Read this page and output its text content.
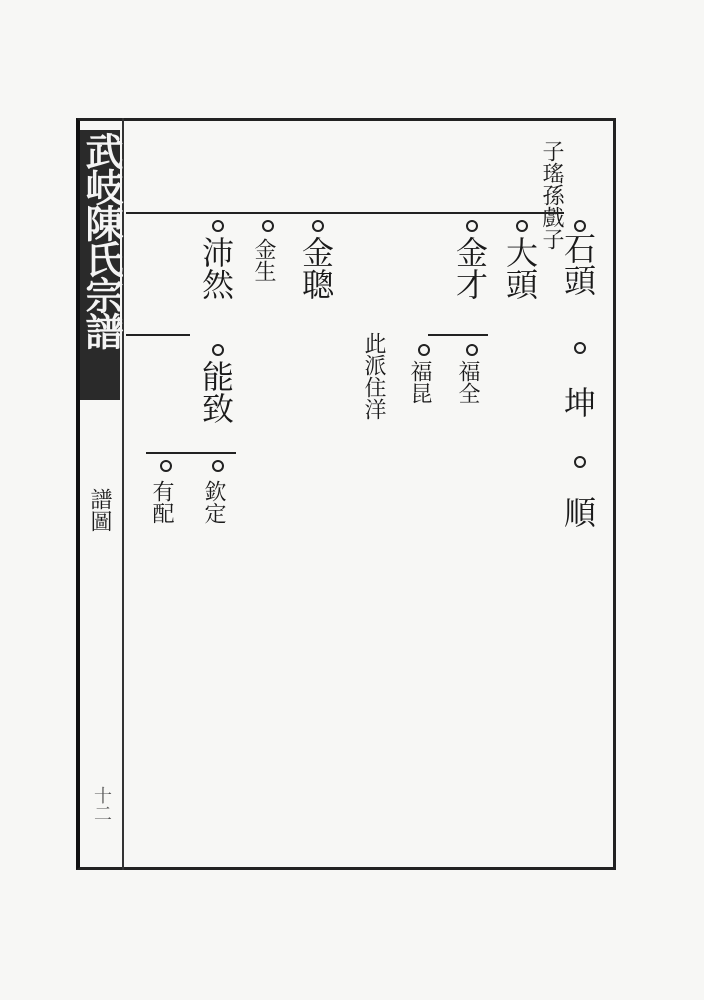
武岐陳氏宗譜
譜圖
十二
子瑤孫戲子
石頭
坤
順
大頭
金才
福全
福昆
此派住洋
金聰
金生
沛然
能致
欽定
有配
